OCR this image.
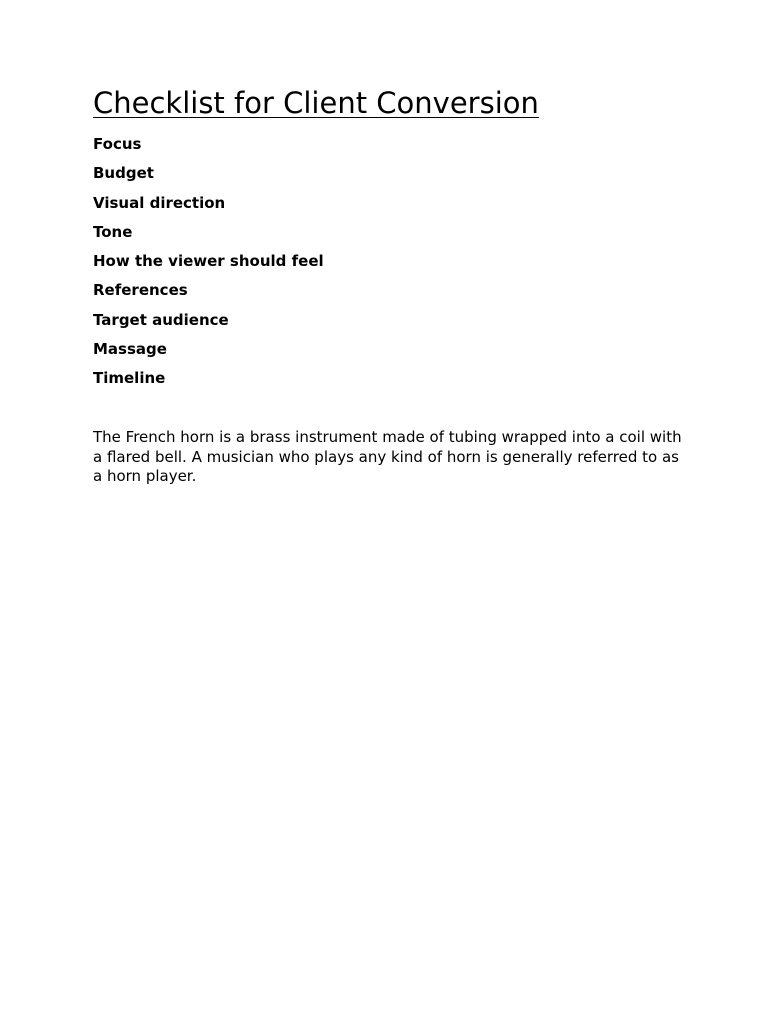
Checklist for Client Conversion
Focus
Budget
Visual direction
Tone
How the viewer should feel
References
Target audience
Massage
Timeline

The French horn is a brass instrument made of tubing wrapped into a coil with a flared bell. A musician who plays any kind of horn is generally referred to as a horn player.
